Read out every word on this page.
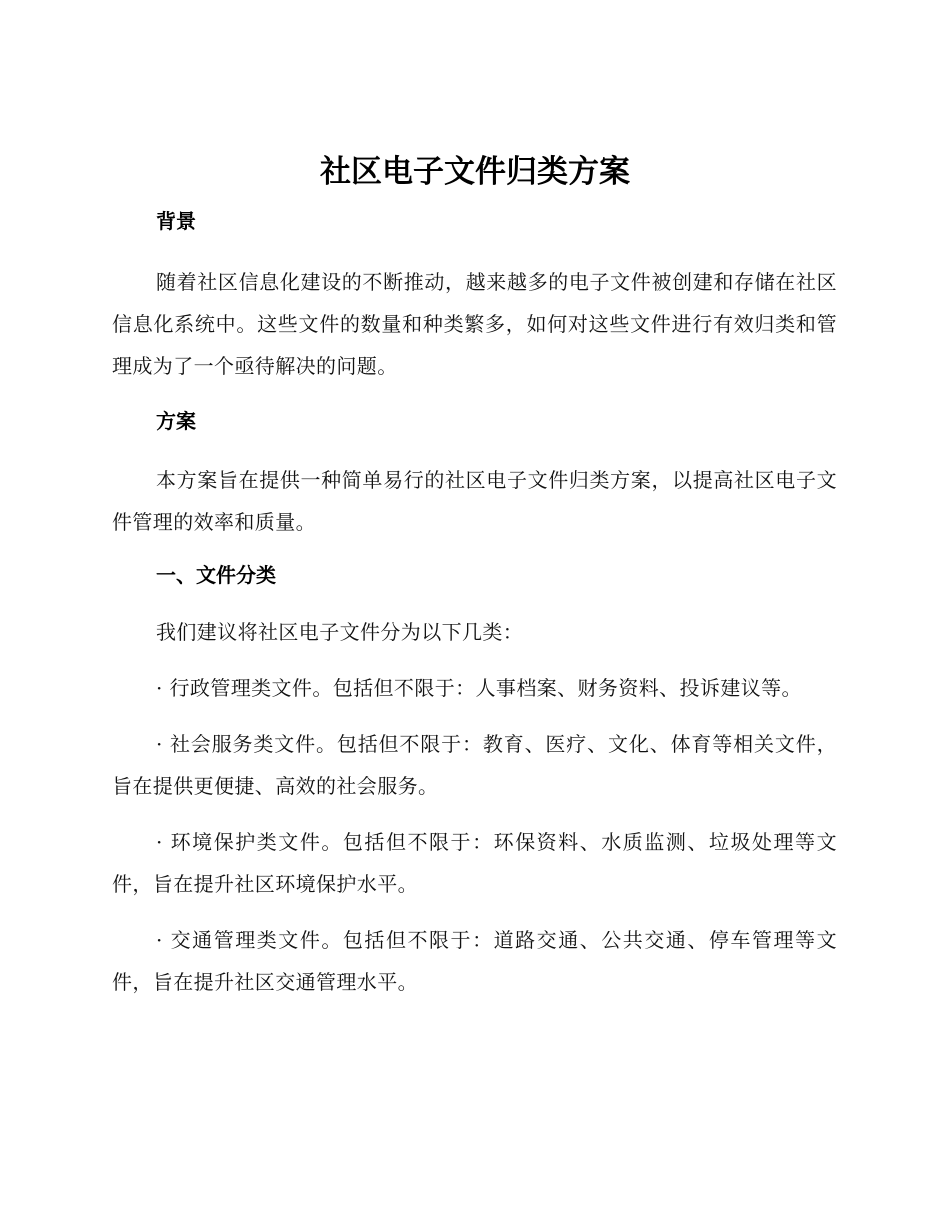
社区电子文件归类方案
背景

随着社区信息化建设的不断推动，越来越多的电子文件被创建和存储在社区信息化系统中。这些文件的数量和种类繁多，如何对这些文件进行有效归类和管理成为了一个亟待解决的问题。

方案

本方案旨在提供一种简单易行的社区电子文件归类方案，以提高社区电子文件管理的效率和质量。

一、文件分类

我们建议将社区电子文件分为以下几类：

· 行政管理类文件。包括但不限于：人事档案、财务资料、投诉建议等。

· 社会服务类文件。包括但不限于：教育、医疗、文化、体育等相关文件，旨在提供更便捷、高效的社会服务。

· 环境保护类文件。包括但不限于：环保资料、水质监测、垃圾处理等文件，旨在提升社区环境保护水平。

· 交通管理类文件。包括但不限于：道路交通、公共交通、停车管理等文件，旨在提升社区交通管理水平。
